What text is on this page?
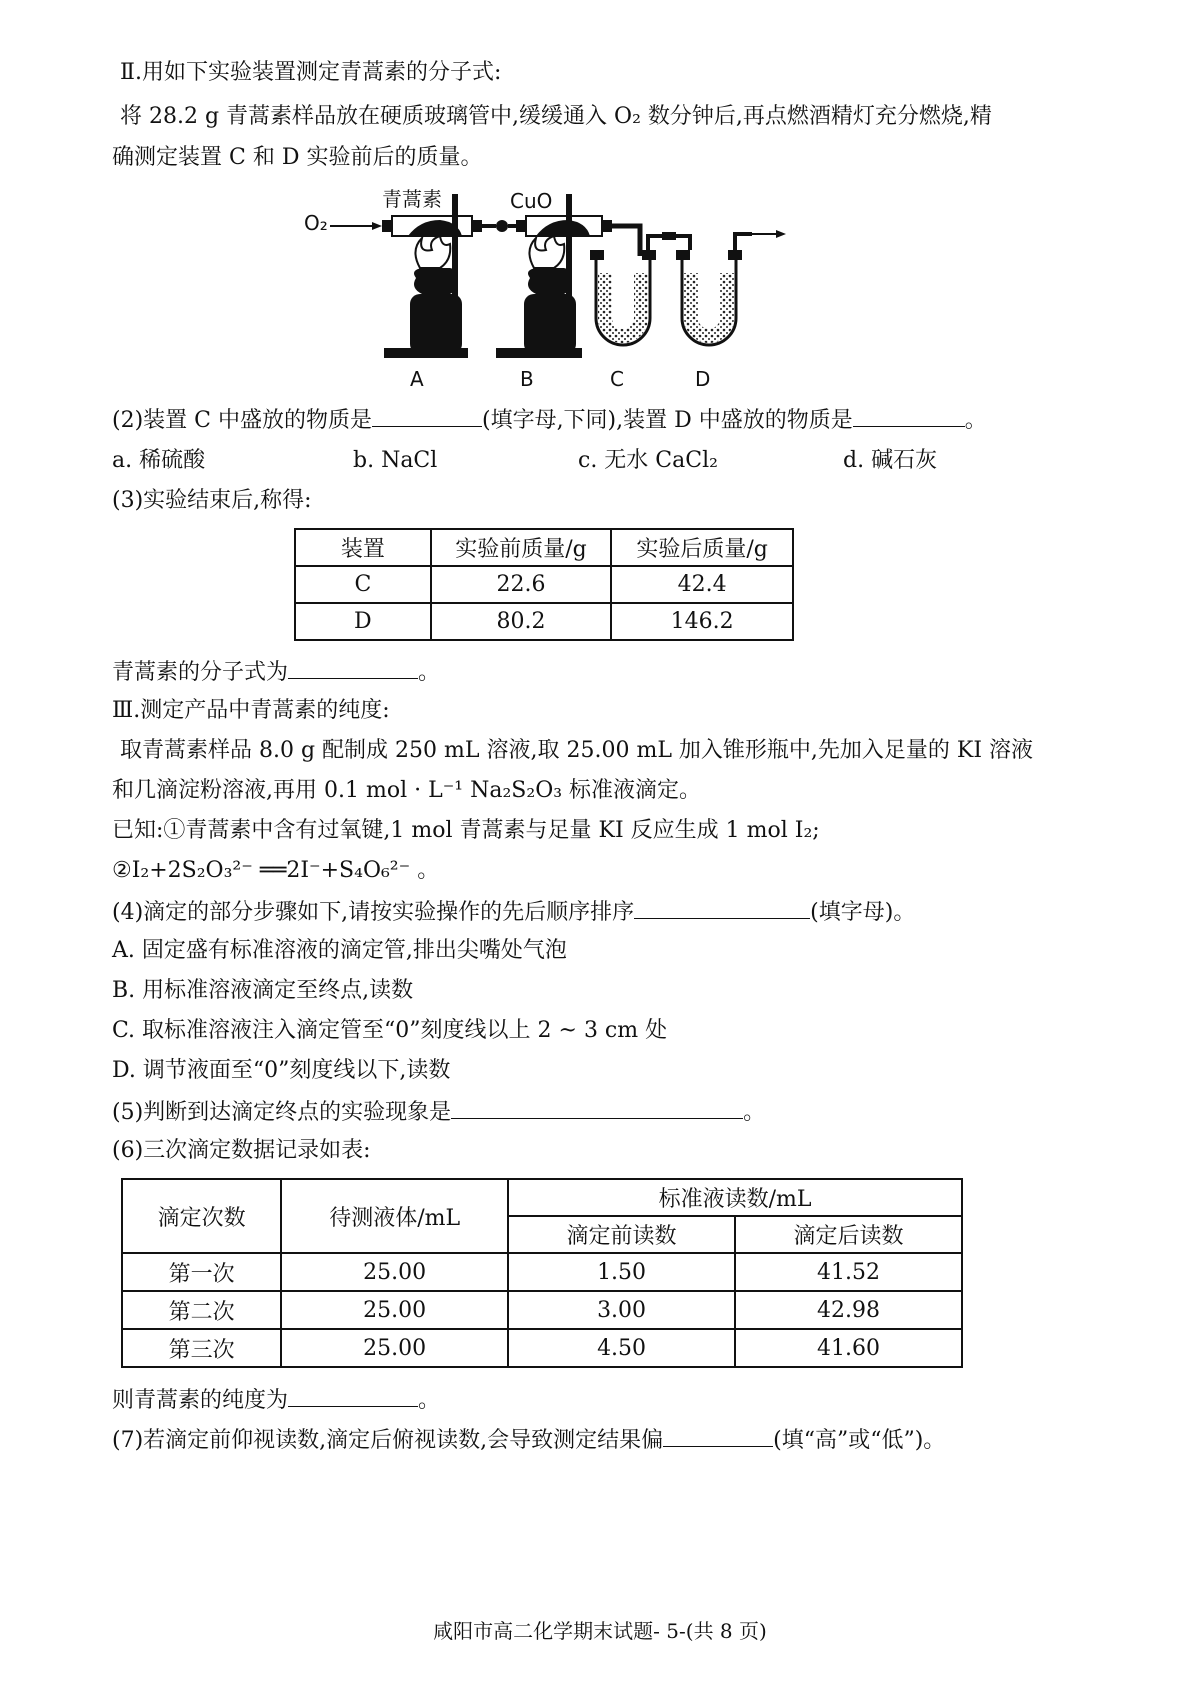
Ⅱ.用如下实验装置测定青蒿素的分子式:
将 28.2 g 青蒿素样品放在硬质玻璃管中,缓缓通入 O₂ 数分钟后,再点燃酒精灯充分燃烧,精
确测定装置 C 和 D 实验前后的质量。
O₂
青蒿素	CuO
A	B	C	D
(2)装置 C 中盛放的物质是	(填字母,下同),装置 D 中盛放的物质是	。
a. 稀硫酸	b. NaCl	c. 无水 CaCl₂	d. 碱石灰
(3)实验结束后,称得:
装置	实验前质量/g	实验后质量/g
C	22.6	42.4
D	80.2	146.2
青蒿素的分子式为	。
Ⅲ.测定产品中青蒿素的纯度:
取青蒿素样品 8.0 g 配制成 250 mL 溶液,取 25.00 mL 加入锥形瓶中,先加入足量的 KI 溶液
和几滴淀粉溶液,再用 0.1 mol · L⁻¹ Na₂S₂O₃ 标准液滴定。
已知:①青蒿素中含有过氧键,1 mol 青蒿素与足量 KI 反应生成 1 mol I₂;
②I₂+2S₂O₃²⁻ ══2I⁻+S₄O₆²⁻ 。
(4)滴定的部分步骤如下,请按实验操作的先后顺序排序	(填字母)。
A. 固定盛有标准溶液的滴定管,排出尖嘴处气泡
B. 用标准溶液滴定至终点,读数
C. 取标准溶液注入滴定管至“0”刻度线以上 2 ~ 3 cm 处
D. 调节液面至“0”刻度线以下,读数
(5)判断到达滴定终点的实验现象是	。
(6)三次滴定数据记录如表:
滴定次数	待测液体/mL	标准液读数/mL	
		滴定前读数	滴定后读数
第一次	25.00	1.50	41.52
第二次	25.00	3.00	42.98
第三次	25.00	4.50	41.60
则青蒿素的纯度为	。
(7)若滴定前仰视读数,滴定后俯视读数,会导致测定结果偏	(填“高”或“低”)。
咸阳市高二化学期末试题- 5-(共 8 页)
